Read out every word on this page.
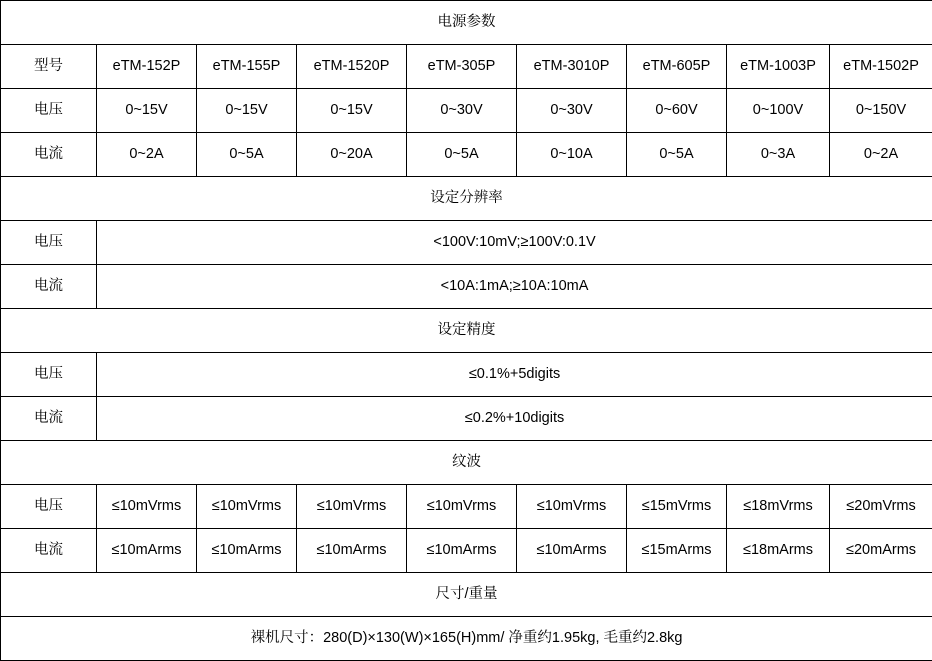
电源参数								
型号	eTM-152P	eTM-155P	eTM-1520P	eTM-305P	eTM-3010P	eTM-605P	eTM-1003P	eTM-1502P
电压	0~15V	0~15V	0~15V	0~30V	0~30V	0~60V	0~100V	0~150V
电流	0~2A	0~5A	0~20A	0~5A	0~10A	0~5A	0~3A	0~2A
设定分辨率								
电压	<100V:10mV;≥100V:0.1V							
电流	<10A:1mA;≥10A:10mA							
设定精度								
电压	≤0.1%+5digits							
电流	≤0.2%+10digits							
纹波								
电压	≤10mVrms	≤10mVrms	≤10mVrms	≤10mVrms	≤10mVrms	≤15mVrms	≤18mVrms	≤20mVrms
电流	≤10mArms	≤10mArms	≤10mArms	≤10mArms	≤10mArms	≤15mArms	≤18mArms	≤20mArms
尺寸/重量								
裸机尺寸：280(D)×130(W)×165(H)mm/ 净重约1.95kg, 毛重约2.8kg								
